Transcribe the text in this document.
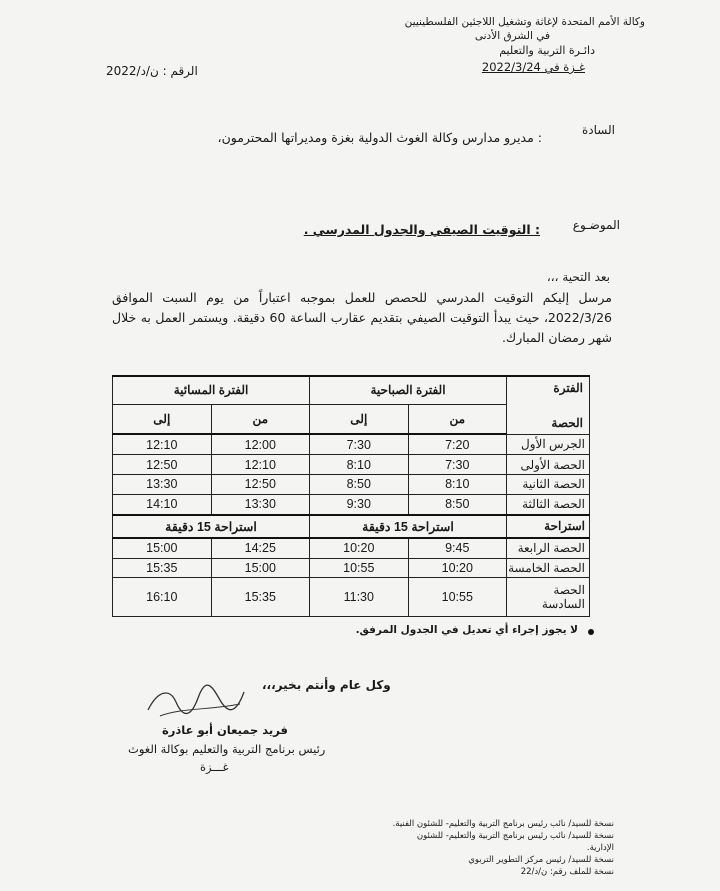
وكالة الأمم المتحدة لإغاثة وتشغيل اللاجئين الفلسطينيين
في الشرق الأدنى
دائـرة التربية والتعليم
غـزة في 2022/3/24
الرقم : ن/د/2022
السادة
: مديرو مدارس وكالة الغوث الدولية بغزة ومديراتها المحترمون،
الموضـوع
: التوقيت الصيفي والجدول المدرسي .
بعد التحية ،،،
مرسل إليكم التوقيت المدرسي للحصص للعمل بموجبه اعتباراً من يوم السبت الموافق 2022/3/26، حيث يبدأ التوقيت الصيفي بتقديم عقارب الساعة 60 دقيقة. ويستمر العمل به خلال شهر رمضان المبارك.
الفترة
الحصة	الفترة الصباحية		الفترة المسائية	
	من	إلى	من	إلى
الجرس الأول	7:20	7:30	12:00	12:10
الحصة الأولى	7:30	8:10	12:10	12:50
الحصة الثانية	8:10	8:50	12:50	13:30
الحصة الثالثة	8:50	9:30	13:30	14:10
استراحة	استراحة 15 دقيقة		استراحة 15 دقيقة	
الحصة الرابعة	9:45	10:20	14:25	15:00
الحصة الخامسة	10:20	10:55	15:00	15:35
الحصة السادسة	10:55	11:30	15:35	16:10
لا يجوز إجراء أي تعديل في الجدول المرفق.
وكل عام وأنتم بخير،،،
فريد جميعان أبو عاذرة
رئيس برنامج التربية والتعليم بوكالة الغوث
غـــزة
نسخة للسيد/ نائب رئيس برنامج التربية والتعليم- للشئون الفنية.
نسخة للسيد/ نائب رئيس برنامج التربية والتعليم- للشئون الإدارية.
نسخة للسيد/ رئيس مركز التطوير التربوي
نسخة للملف رقم: ن/د/22
